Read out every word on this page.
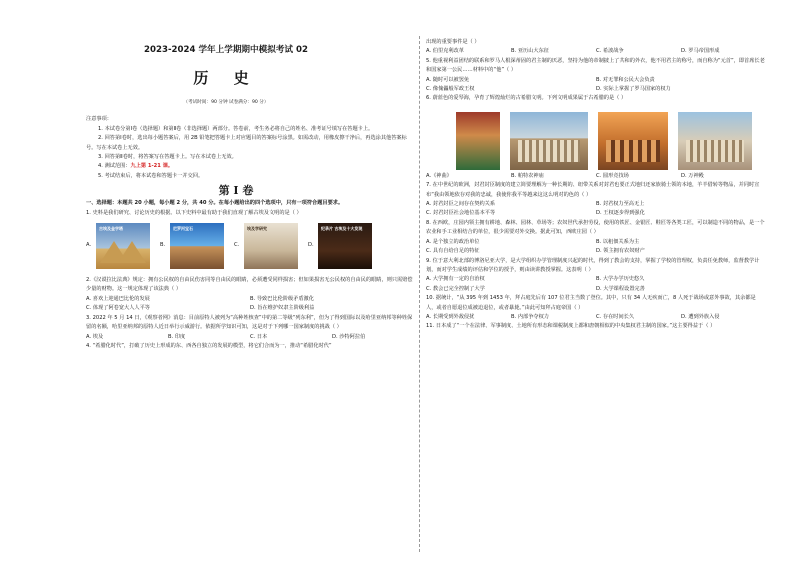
2023-2024 学年上学期期中模拟考试 02
历 史
（考试时间：90 分钟 试卷满分：90 分）
注意事项：
1. 本试卷分第Ⅰ卷（选择题）和第Ⅱ卷（非选择题）两部分。答卷前，考生务必将自己的姓名、准考证号填写在答题卡上。
2. 回答第Ⅰ卷时，选出每小题答案后，用 2B 铅笔把答题卡上对应题目的答案标号涂黑。如需改动，用橡皮擦干净后，再选涂其他答案标号。写在本试卷上无效。
3. 回答第Ⅱ卷时，将答案写在答题卡上。写在本试卷上无效。
4. 测试范围：九上第 1-21 课。
5. 考试结束后，将本试卷和答题卡一并交回。
第 Ⅰ 卷
一、选择题：本题共 20 小题，每小题 2 分，共 40 分。在每小题给出的四个选项中，只有一项符合题目要求。
1. 史料是我们研究、讨论历史的根据。以下史料中最有助于我们直观了解古埃及文明的是（ ）
A.
古埃及金字塔
B.
尼罗河宝石
C.
埃及学研究
D.
纪录片 古埃及十大发现
2.《汉谟拉比法典》规定：拥有公民权的自由民伤害同等自由民的眼睛，必须遭受同样损害；但如果损害无公民权的自由民的眼睛，则只需赔偿少量的财物。这一规定体现了该法典（ ）
A. 喜欢上迎通巴比伦的发展	B. 导致巴比伦阶级矛盾激化
C. 体现了阿卷宽大人人平等	D. 旨在维护奴隶主阶级利益
3. 2022 年 5 月 14 日，《观察者网》消息：目前原特人被列为“高种姓核查”中的第二等级“列东利”，但为了得到国际以及哈里亚纳邦等种姓保留的名额，哈里亚纳邦的原特人近日举行示威游行。依据所学知识可知，这是对于下列哪一国家制度的挑战（ ）
A. 埃及	B. 印度	C. 日本	D. 沙特阿拉伯
4. “希腊化时代”，打破了历史上形成的东、西各自独立的发展的模型，将它们合而为一，推动“希腊化时代”
出现的重要事件是（ ）
A. 伯里克利改革	B. 亚历山大东征	C. 希波战争	D. 罗马帝国形成
5. 他重视利益团结的联系和罗马人根深蒂固的君主制的厌恶，坚持为他的帝制披上了共和的外衣，他不用君主的称号，而自称为“元首”，即首席长老和国家第一公民……材料中的“他”（ ）
A. 随时可以被罢免	B. 对无罪和公民大会负责
C. 像傀儡般军政王权	D. 实际上掌握了罗马国家的权力
6. 蔚蓝色的爱琴海，孕育了辉煌灿烂的古希腊文明。下列文明成果属于古希腊的是（ ）
A.《神曲》	B. 帕特农神庙	C. 圆形竞技场	D. 万神殿
7. 在中世纪的欧洲，封君封臣制度的建立简要理解为一种长期的、纽带关系对封君也要正式地归还家族骑士领的本地，羊羊借转等物品，并同时宣布“我由领地依存对我的忠诚，我使你我平等越来这这么明对的色的（ ）
A. 封君封臣之间存在契约关系	B. 封君权力至高无上
C. 封君封臣社会地位基本平等	D. 王权逐步得到强化
8. 在西欧，庄园内领主拥有耕地、森林、园林、草场等；农奴世代承担劳役，使用的铁匠、金银匠、鞋匠等各类工匠，可以制造不同的物品，是一个农业和手工业相结合的单位，很少需要对外交换。据此可知，西欧庄园（ ）
A. 是个独立的政治单位	B. 以租佃关系为主
C. 具有自给自足的特征	D. 领主拥有农奴财产
9. 位于意大利北部的博洛尼亚大学，是大学组织办学管理制度兴起的时代，得到了教会的支持，掌握了学校的管理权，负责任免教师，监督教学计划，而对学生成绩的评估和学位的授予，则由读讲教授掌握。这表明（ ）
A. 大学拥有一定的自治权	B. 大学办学历史悠久
C. 教会已完全控制了大学	D. 大学课程设置完善
10. 据统计，“从 395 年到 1453 年，拜占庭先后有 107 位君主当数了登位。其中，只有 34 人无疾而亡，8 人死于战场或意外事故，其余都是人，或者自愿退位成被迫退位，或者暴毙。”由此可知拜占庭帝国（ ）
A. 长期受到外敌侵扰	B. 内部争夺权力	C. 存在时间长久	D. 遭到外族入侵
11. 日本成了“一个在法律、军事制度、土地所有形态和课税制度上都和唐朝相似的中央集权君主制的国家。”这主要得益于（ ）
